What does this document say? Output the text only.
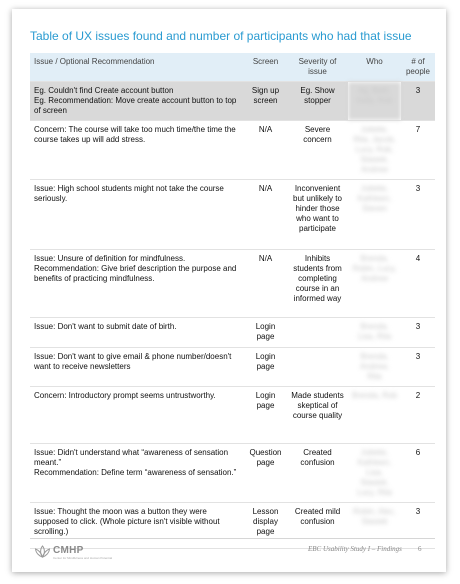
Table of UX issues found and number of participants who had that issue
Issue / Optional Recommendation	Screen	Severity of issue	Who	# of people
Eg. Couldn't find Create account button
Eg. Recommendation: Move create account button to top of screen	Sign up screen	Eg. Show stopper	Ag, Beth, Kelly, Rob	3
Concern: The course will take too much time/the time the course takes up will add stress.	N/A	Severe concern	Juliette, Rita, Jacob, Lucy, Rob, Stasiek, Andrew	7
Issue: High school students might not take the course seriously.	N/A	Inconvenient but unlikely to hinder those who want to participate	Juliette, Kathleen, Steven	3
Issue: Unsure of definition for mindfulness.
Recommendation: Give brief description the purpose and benefits of practicing mindfulness.	N/A	Inhibits students from completing course in an informed way	Brenda, Robin, Lucy, Andrew	4
Issue: Don't want to submit date of birth.	Login page		Brenda, Lisa, Rita	3
Issue: Don't want to give email & phone number/doesn't want to receive newsletters	Login page		Brenda, Andrew, Rita	3
Concern: Introductory prompt seems untrustworthy.	Login page	Made students skeptical of course quality	Brenda, Rob	2
Issue: Didn't understand what “awareness of sensation meant.”
Recommendation: Define term “awareness of sensation.”	Question page	Created confusion	Juliette, Kathleen, Lisa, Stasiek, Lucy, Rita	6
Issue: Thought the moon was a button they were supposed to click. (Whole picture isn't visible without scrolling.)	Lesson display page	Created mild confusion	Robin, Alec, Stasiek	3
CMHP
Center for Mindfulness and Human Potential
EBC Usability Study I – Findings 6
